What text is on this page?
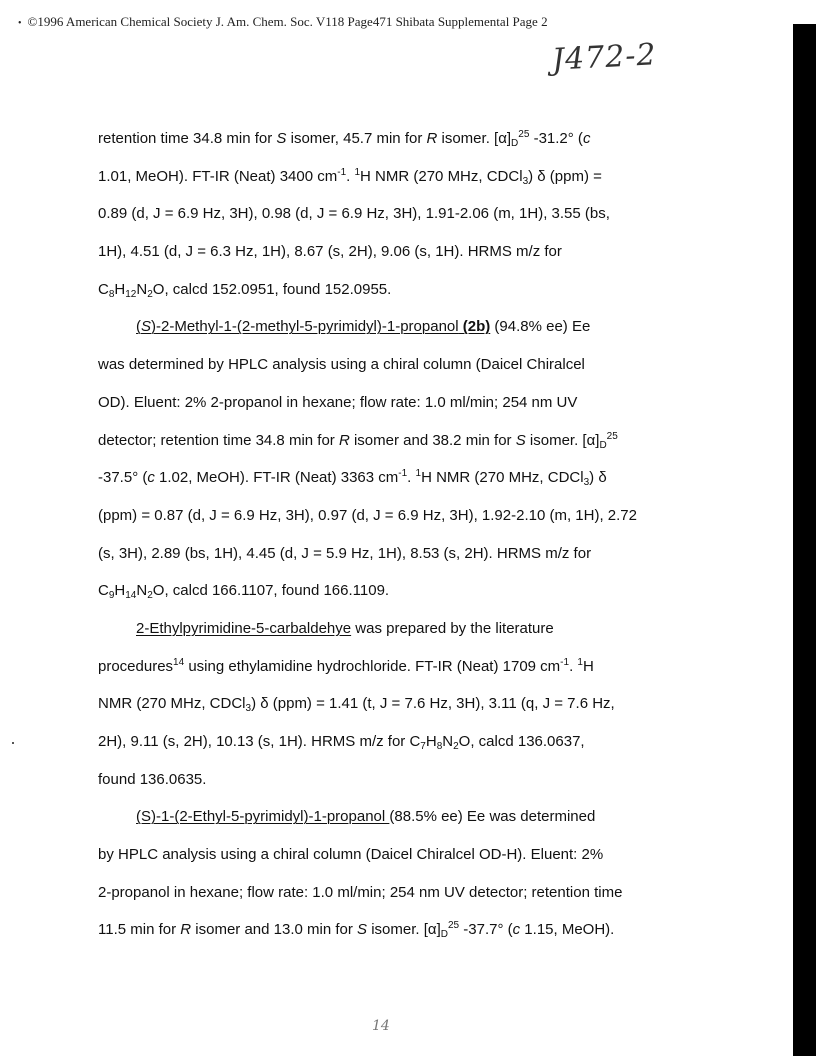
• ©1996 American Chemical Society J. Am. Chem. Soc. V118 Page471 Shibata Supplemental Page 2
J472-2
retention time 34.8 min for S isomer, 45.7 min for R isomer. $[\alpha]_D^{25}$ -31.2° (c
1.01, MeOH). FT-IR (Neat) 3400 $cm^{-1}$. $^1$H NMR (270 MHz, CDCl$_3$) δ (ppm) =
0.89 (d, J = 6.9 Hz, 3H), 0.98 (d, J = 6.9 Hz, 3H), 1.91-2.06 (m, 1H), 3.55 (bs,
1H), 4.51 (d, J = 6.3 Hz, 1H), 8.67 (s, 2H), 9.06 (s, 1H). HRMS m/z for
$C_8H_{12}N_2O$, calcd 152.0951, found 152.0955.
(S)-2-Methyl-1-(2-methyl-5-pyrimidyl)-1-propanol (2b) (94.8% ee) Ee
was determined by HPLC analysis using a chiral column (Daicel Chiralcel
OD). Eluent: 2% 2-propanol in hexane; flow rate: 1.0 ml/min; 254 nm UV
detector; retention time 34.8 min for R isomer and 38.2 min for S isomer. $[\alpha]_D^{25}$
-37.5° (c 1.02, MeOH). FT-IR (Neat) 3363 $cm^{-1}$. $^1$H NMR (270 MHz, CDCl$_3$) δ
(ppm) = 0.87 (d, J = 6.9 Hz, 3H), 0.97 (d, J = 6.9 Hz, 3H), 1.92-2.10 (m, 1H), 2.72
(s, 3H), 2.89 (bs, 1H), 4.45 (d, J = 5.9 Hz, 1H), 8.53 (s, 2H). HRMS m/z for
$C_9H_{14}N_2O$, calcd 166.1107, found 166.1109.
2-Ethylpyrimidine-5-carbaldehye was prepared by the literature
procedures$^{14}$ using ethylamidine hydrochloride. FT-IR (Neat) 1709 $cm^{-1}$. $^1$H
NMR (270 MHz, CDCl$_3$) δ (ppm) = 1.41 (t, J = 7.6 Hz, 3H), 3.11 (q, J = 7.6 Hz,
2H), 9.11 (s, 2H), 10.13 (s, 1H). HRMS m/z for $C_7H_8N_2O$, calcd 136.0637,
found 136.0635.
(S)-1-(2-Ethyl-5-pyrimidyl)-1-propanol (88.5% ee) Ee was determined
by HPLC analysis using a chiral column (Daicel Chiralcel OD-H). Eluent: 2%
2-propanol in hexane; flow rate: 1.0 ml/min; 254 nm UV detector; retention time
11.5 min for R isomer and 13.0 min for S isomer. $[\alpha]_D^{25}$ -37.7° (c 1.15, MeOH).
14
